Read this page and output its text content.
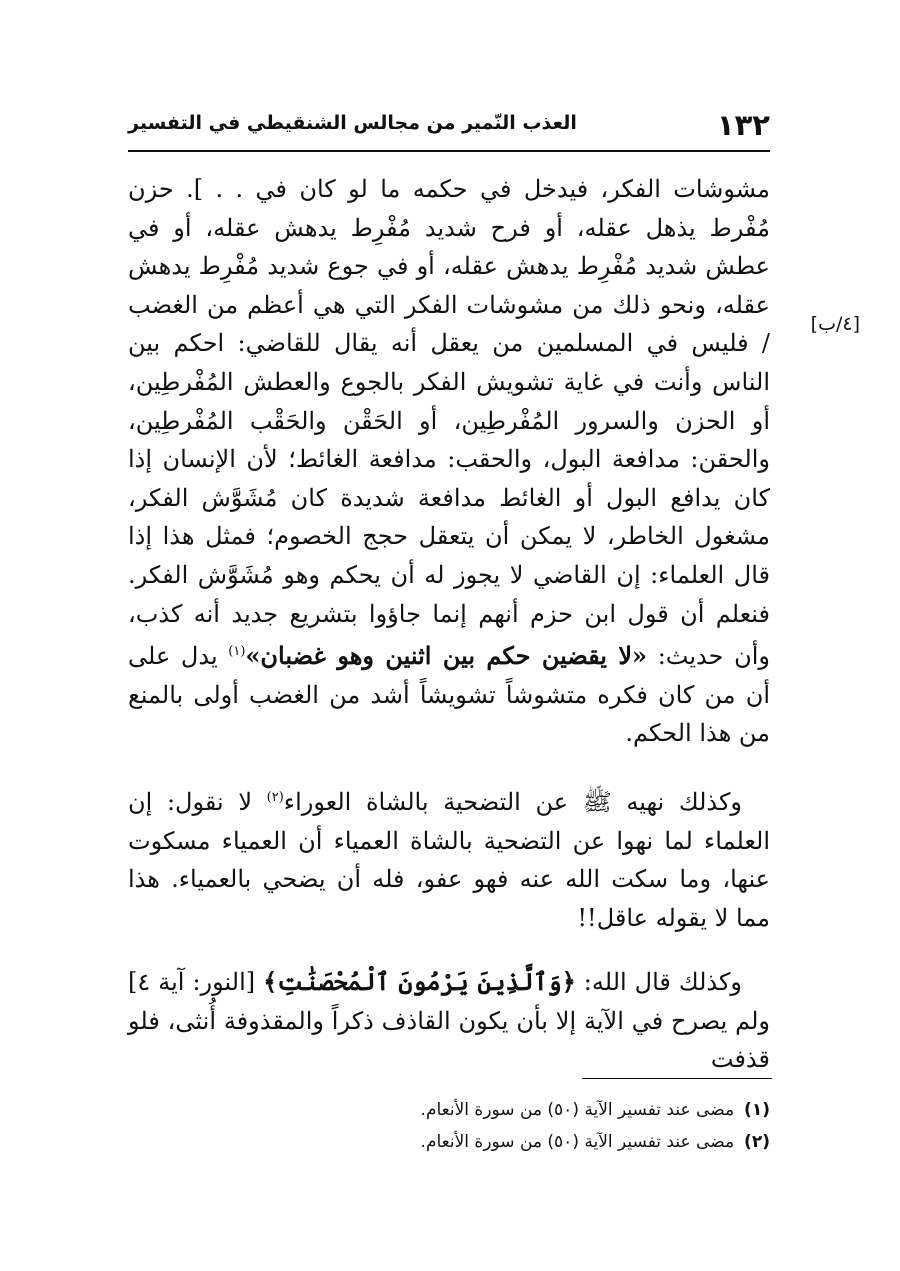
١٣٢
العذب النّمير من مجالس الشنقيطي في التفسير
[٤/ب]

مشوشات الفكر، فيدخل في حكمه ما لو كان في . . ]. حزن مُفْرط يذهل عقله، أو فرح شديد مُفْرِط يدهش عقله، أو في عطش شديد مُفْرِط يدهش عقله، أو في جوع شديد مُفْرِط يدهش عقله، ونحو ذلك من مشوشات الفكر التي هي أعظم من الغضب / فليس في المسلمين من يعقل أنه يقال للقاضي: احكم بين الناس وأنت في غاية تشويش الفكر بالجوع والعطش المُفْرطِين، أو الحزن والسرور المُفْرطِين، أو الحَقْن والحَقْب المُفْرطِين، والحقن: مدافعة البول، والحقب: مدافعة الغائط؛ لأن الإنسان إذا كان يدافع البول أو الغائط مدافعة شديدة كان مُشَوَّش الفكر، مشغول الخاطر، لا يمكن أن يتعقل حجج الخصوم؛ فمثل هذا إذا قال العلماء: إن القاضي لا يجوز له أن يحكم وهو مُشَوَّش الفكر. فنعلم أن قول ابن حزم أنهم إنما جاؤوا بتشريع جديد أنه كذب، وأن حديث: «لا يقضين حكم بين اثنين وهو غضبان»$^{(١)}$ يدل على أن من كان فكره متشوشاً تشويشاً أشد من الغضب أولى بالمنع من هذا الحكم.

وكذلك نهيه ﷺ عن التضحية بالشاة العوراء$^{(٢)}$ لا نقول: إن العلماء لما نهوا عن التضحية بالشاة العمياء أن العمياء مسكوت عنها، وما سكت الله عنه فهو عفو، فله أن يضحي بالعمياء. هذا مما لا يقوله عاقل!!

وكذلك قال الله: ﴿وَٱلَّذِينَ يَرْمُونَ ٱلْمُحْصَنَٰتِ﴾ [النور: آية ٤] ولم يصرح في الآية إلا بأن يكون القاذف ذكراً والمقذوفة أُنثى، فلو قذفت

(١)مضى عند تفسير الآية (٥٠) من سورة الأنعام.

(٢)مضى عند تفسير الآية (٥٠) من سورة الأنعام.
